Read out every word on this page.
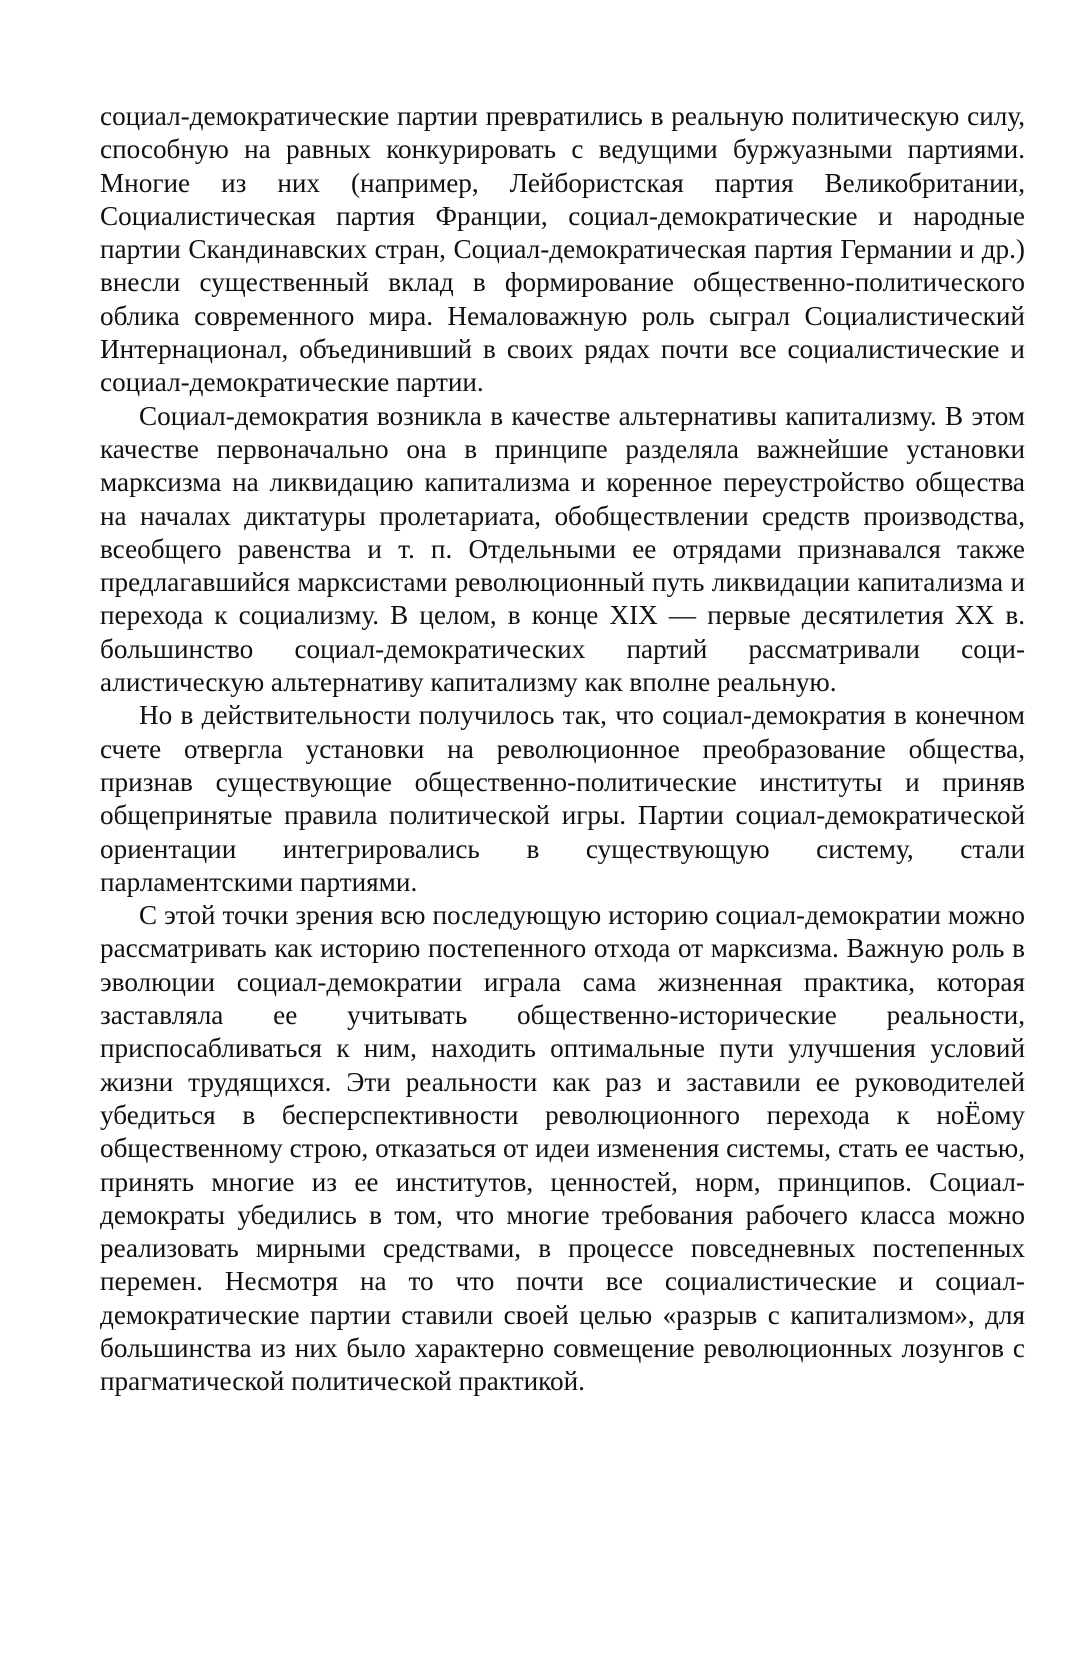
социал-демократические партии превратились в реальную политическую силу, способную на равных конкурировать с ведущими буржуазными партиями. Многие из них (например, Лейбористская партия Великобритании, Социалистическая партия Франции, социал-демократические и народные партии Скандинавских стран, Социал-демократическая партия Германии и др.) внесли существенный вклад в формирование общественно-политического облика современного мира. Немаловажную роль сыграл Социалистический Интернационал, объединивший в своих рядах почти все социалистические и социал-демократические партии.

Социал-демократия возникла в качестве альтернативы капитализму. В этом качестве первоначально она в принципе разделяла важнейшие установки марксизма на ликвидацию капитализма и коренное переустройство общества на началах диктатуры пролетариата, обобществлении средств производства, всеобщего равенства и т. п. Отдельными ее отрядами признавался также предлагавшийся марксистами революционный путь ликвидации капитализма и перехода к социализму. В целом, в конце XIX — первые десятилетия XX в. большинство социал-демократических партий рассматривали социалистическую альтернативу капитализму как вполне реальную.

Но в действительности получилось так, что социал-демократия в конечном счете отвергла установки на революционное преобразование общества, признав существующие общественно-политические институты и приняв общепринятые правила политической игры. Партии социал-демократической ориентации интегрировались в существующую систему, стали парламентскими партиями.

С этой точки зрения всю последующую историю социал-демократии можно рассматривать как историю постепенного отхода от марксизма. Важную роль в эволюции социал-демократии играла сама жизненная практика, которая заставляла ее учитывать общественно-исторические реальности, приспосабливаться к ним, находить оптимальные пути улучшения условий жизни трудящихся. Эти реальности как раз и заставили ее руководителей убедиться в бесперспективности революционного перехода к ноЁому общественному строю, отказаться от идеи изменения системы, стать ее частью, принять многие из ее институтов, ценностей, норм, принципов. Социал-демократы убедились в том, что многие требования рабочего класса можно реализовать мирными средствами, в процессе повседневных постепенных перемен. Несмотря на то что почти все социалистические и социал-демократические партии ставили своей целью «разрыв с капитализмом», для большинства из них было характерно совмещение революционных лозунгов с прагматической политической практикой.
